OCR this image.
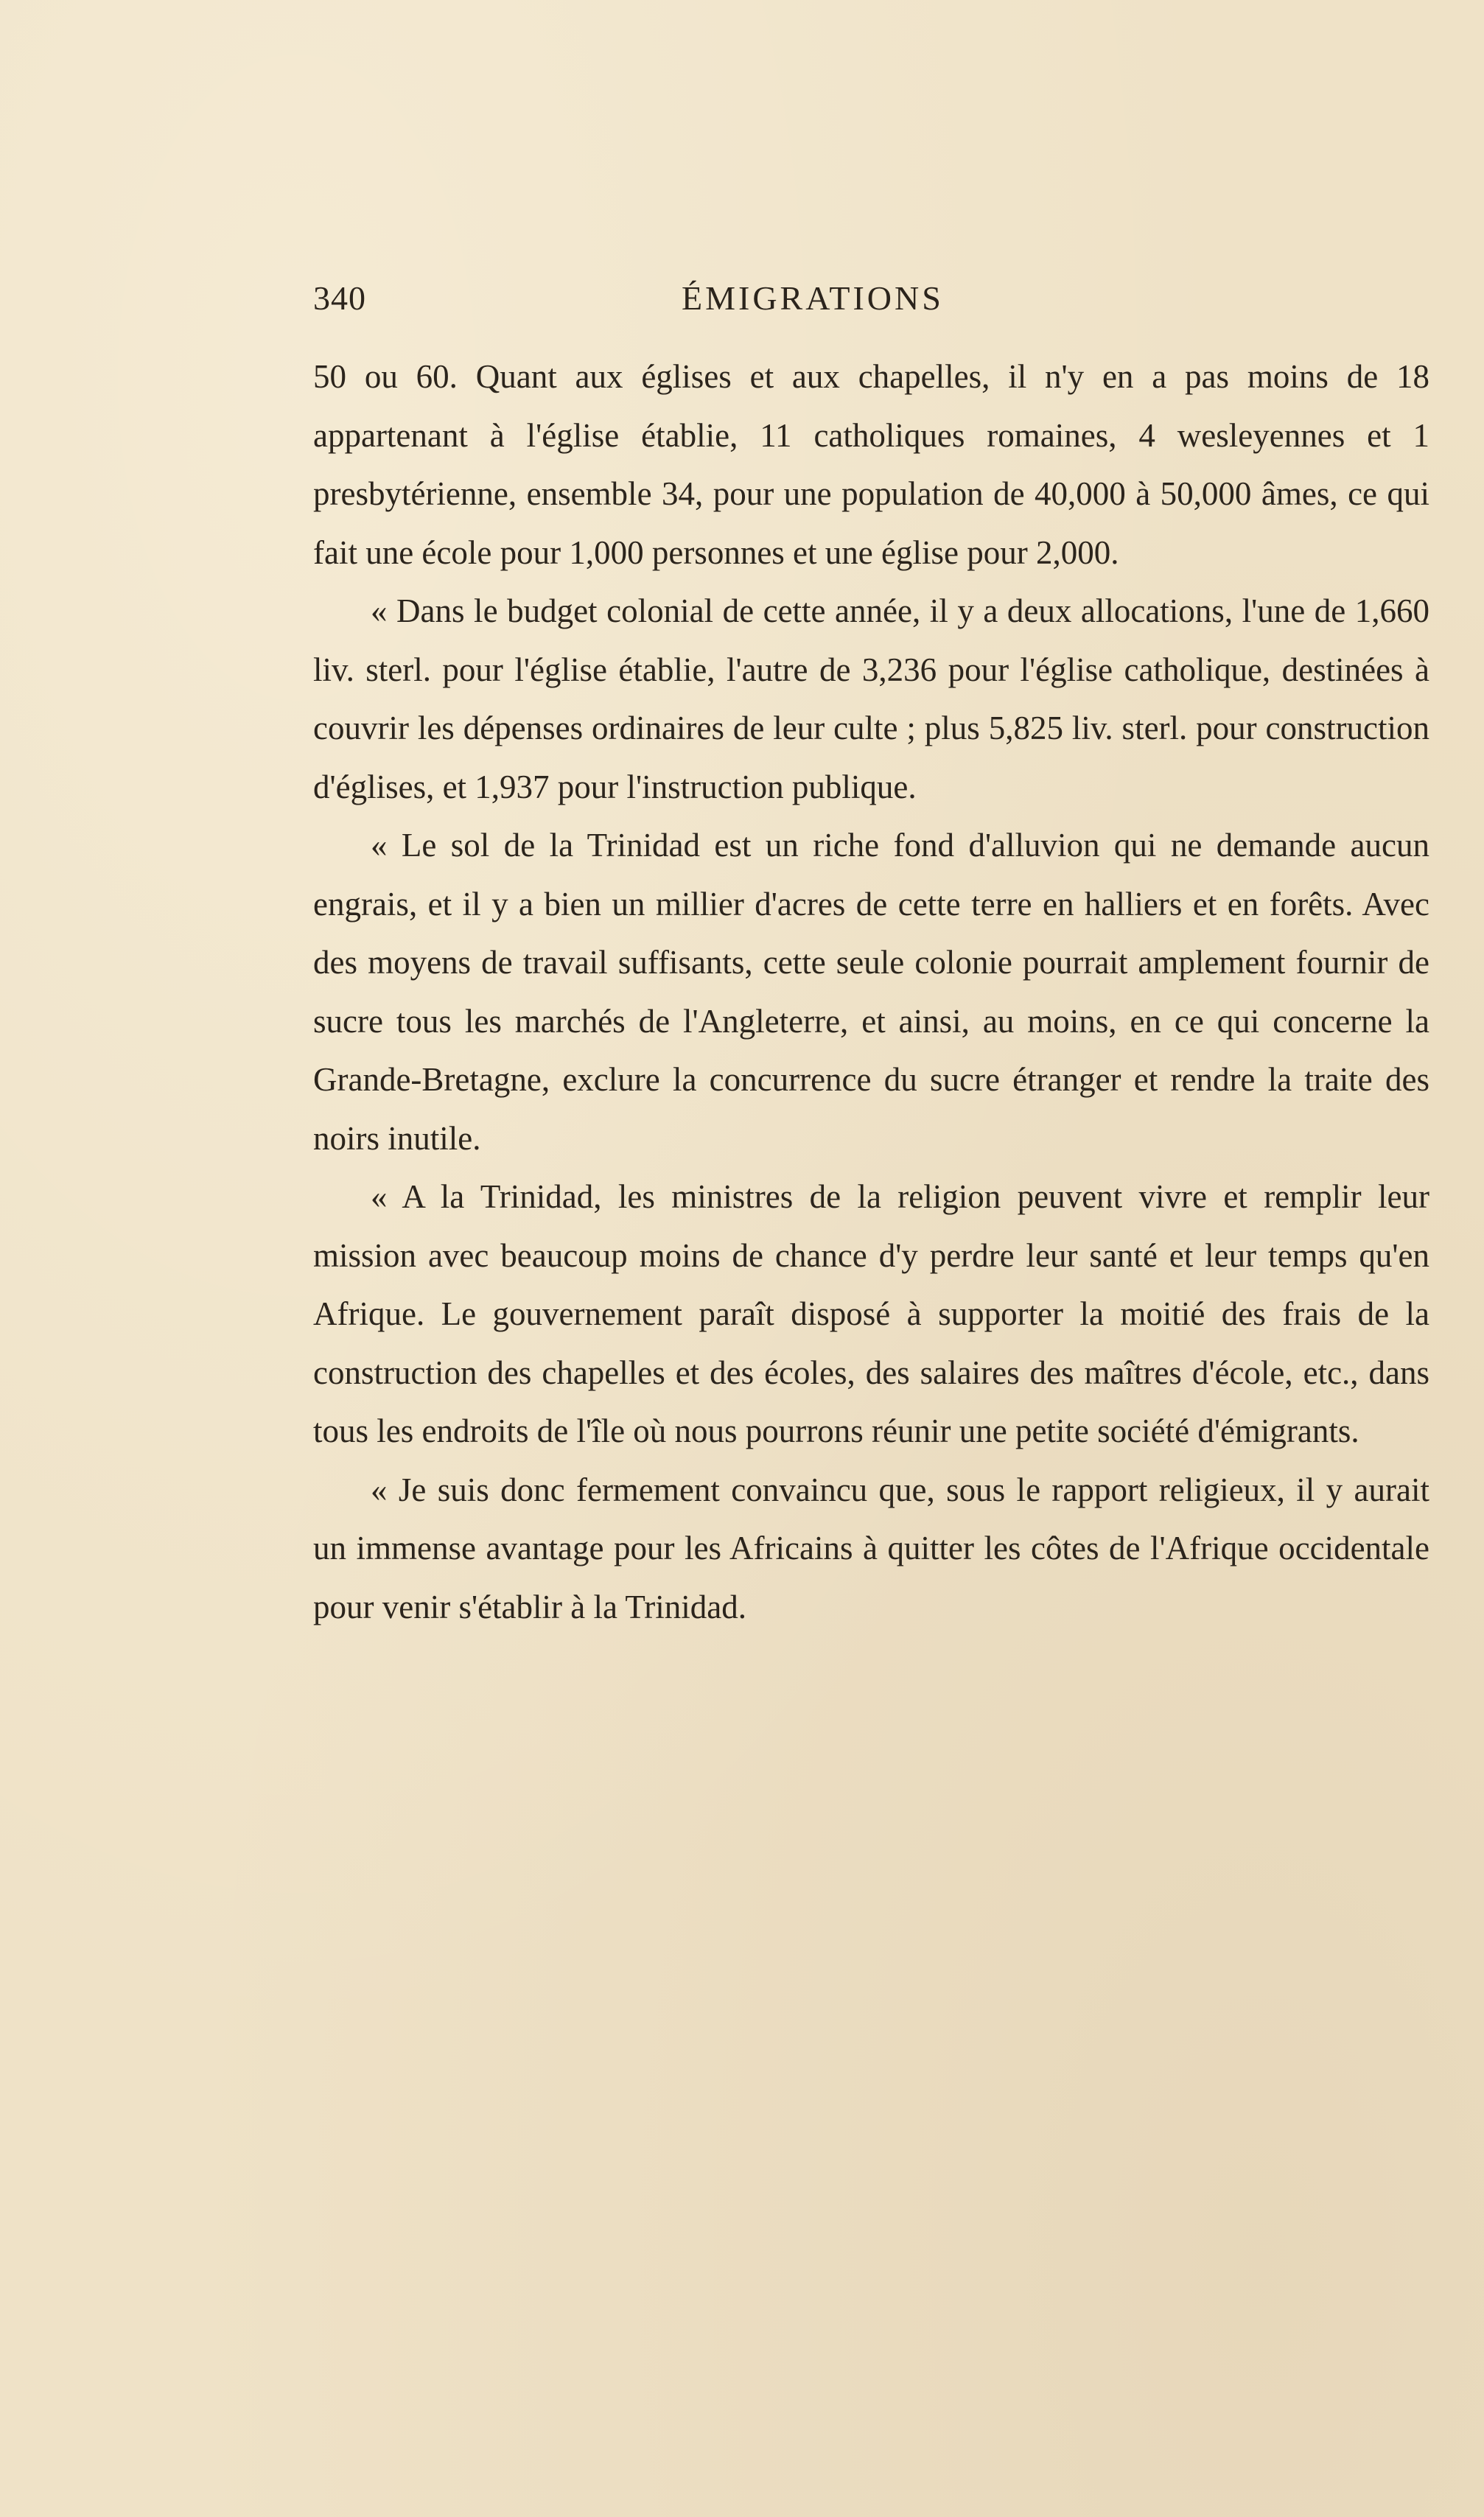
340	ÉMIGRATIONS

50 ou 60. Quant aux églises et aux chapelles, il n'y en a pas moins de 18 appartenant à l'église établie, 11 catholiques romaines, 4 wesleyennes et 1 presbytérienne, ensemble 34, pour une population de 40,000 à 50,000 âmes, ce qui fait une école pour 1,000 personnes et une église pour 2,000.

« Dans le budget colonial de cette année, il y a deux allocations, l'une de 1,660 liv. sterl. pour l'église établie, l'autre de 3,236 pour l'église catholique, destinées à couvrir les dépenses ordinaires de leur culte ; plus 5,825 liv. sterl. pour construction d'églises, et 1,937 pour l'instruction publique.

« Le sol de la Trinidad est un riche fond d'alluvion qui ne demande aucun engrais, et il y a bien un millier d'acres de cette terre en halliers et en forêts. Avec des moyens de travail suffisants, cette seule colonie pourrait amplement fournir de sucre tous les marchés de l'Angleterre, et ainsi, au moins, en ce qui concerne la Grande-Bretagne, exclure la concurrence du sucre étranger et rendre la traite des noirs inutile.

« A la Trinidad, les ministres de la religion peuvent vivre et remplir leur mission avec beaucoup moins de chance d'y perdre leur santé et leur temps qu'en Afrique. Le gouvernement paraît disposé à supporter la moitié des frais de la construction des chapelles et des écoles, des salaires des maîtres d'école, etc., dans tous les endroits de l'île où nous pourrons réunir une petite société d'émigrants.

« Je suis donc fermement convaincu que, sous le rapport religieux, il y aurait un immense avantage pour les Africains à quitter les côtes de l'Afrique occidentale pour venir s'établir à la Trinidad.
